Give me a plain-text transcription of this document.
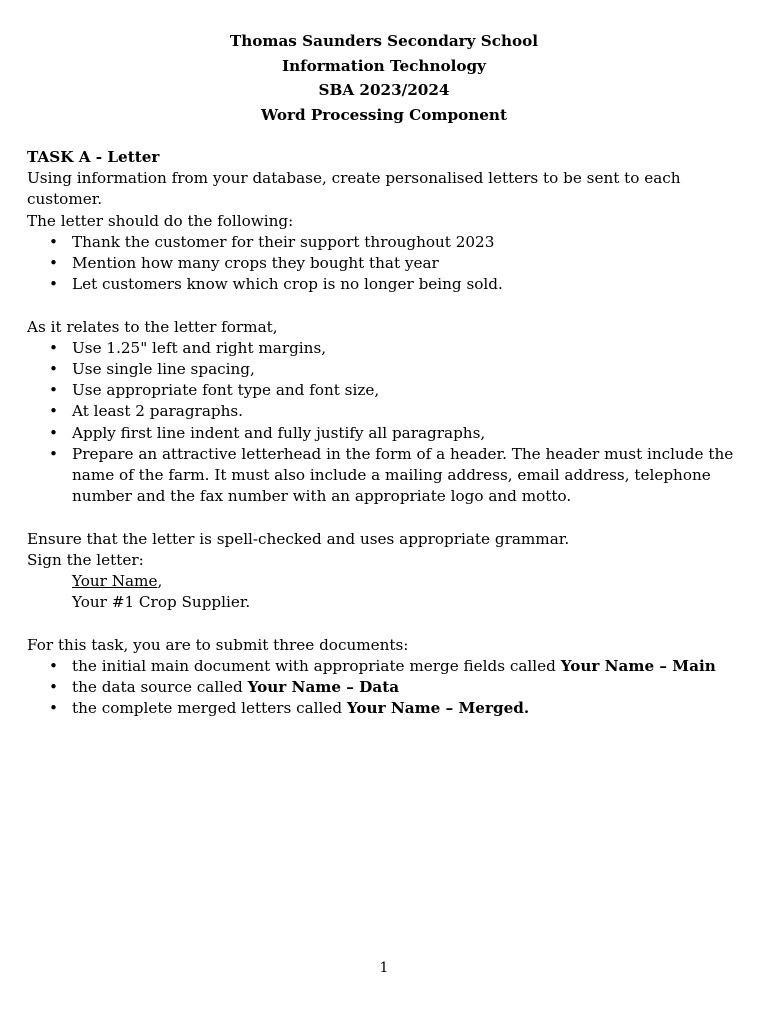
Thomas Saunders Secondary School
Information Technology
SBA 2023/2024
Word Processing Component
TASK A - Letter
Using information from your database, create personalised letters to be sent to each customer.
The letter should do the following:
• Thank the customer for their support throughout 2023
• Mention how many crops they bought that year
• Let customers know which crop is no longer being sold.
As it relates to the letter format,
• Use 1.25" left and right margins,
• Use single line spacing,
• Use appropriate font type and font size,
• At least 2 paragraphs.
• Apply first line indent and fully justify all paragraphs,
• Prepare an attractive letterhead in the form of a header. The header must include the
name of the farm. It must also include a mailing address, email address, telephone
number and the fax number with an appropriate logo and motto.
Ensure that the letter is spell-checked and uses appropriate grammar.
Sign the letter:
Your Name,
Your #1 Crop Supplier.
For this task, you are to submit three documents:
• the initial main document with appropriate merge fields called Your Name – Main
• the data source called Your Name – Data
• the complete merged letters called Your Name – Merged.
1
